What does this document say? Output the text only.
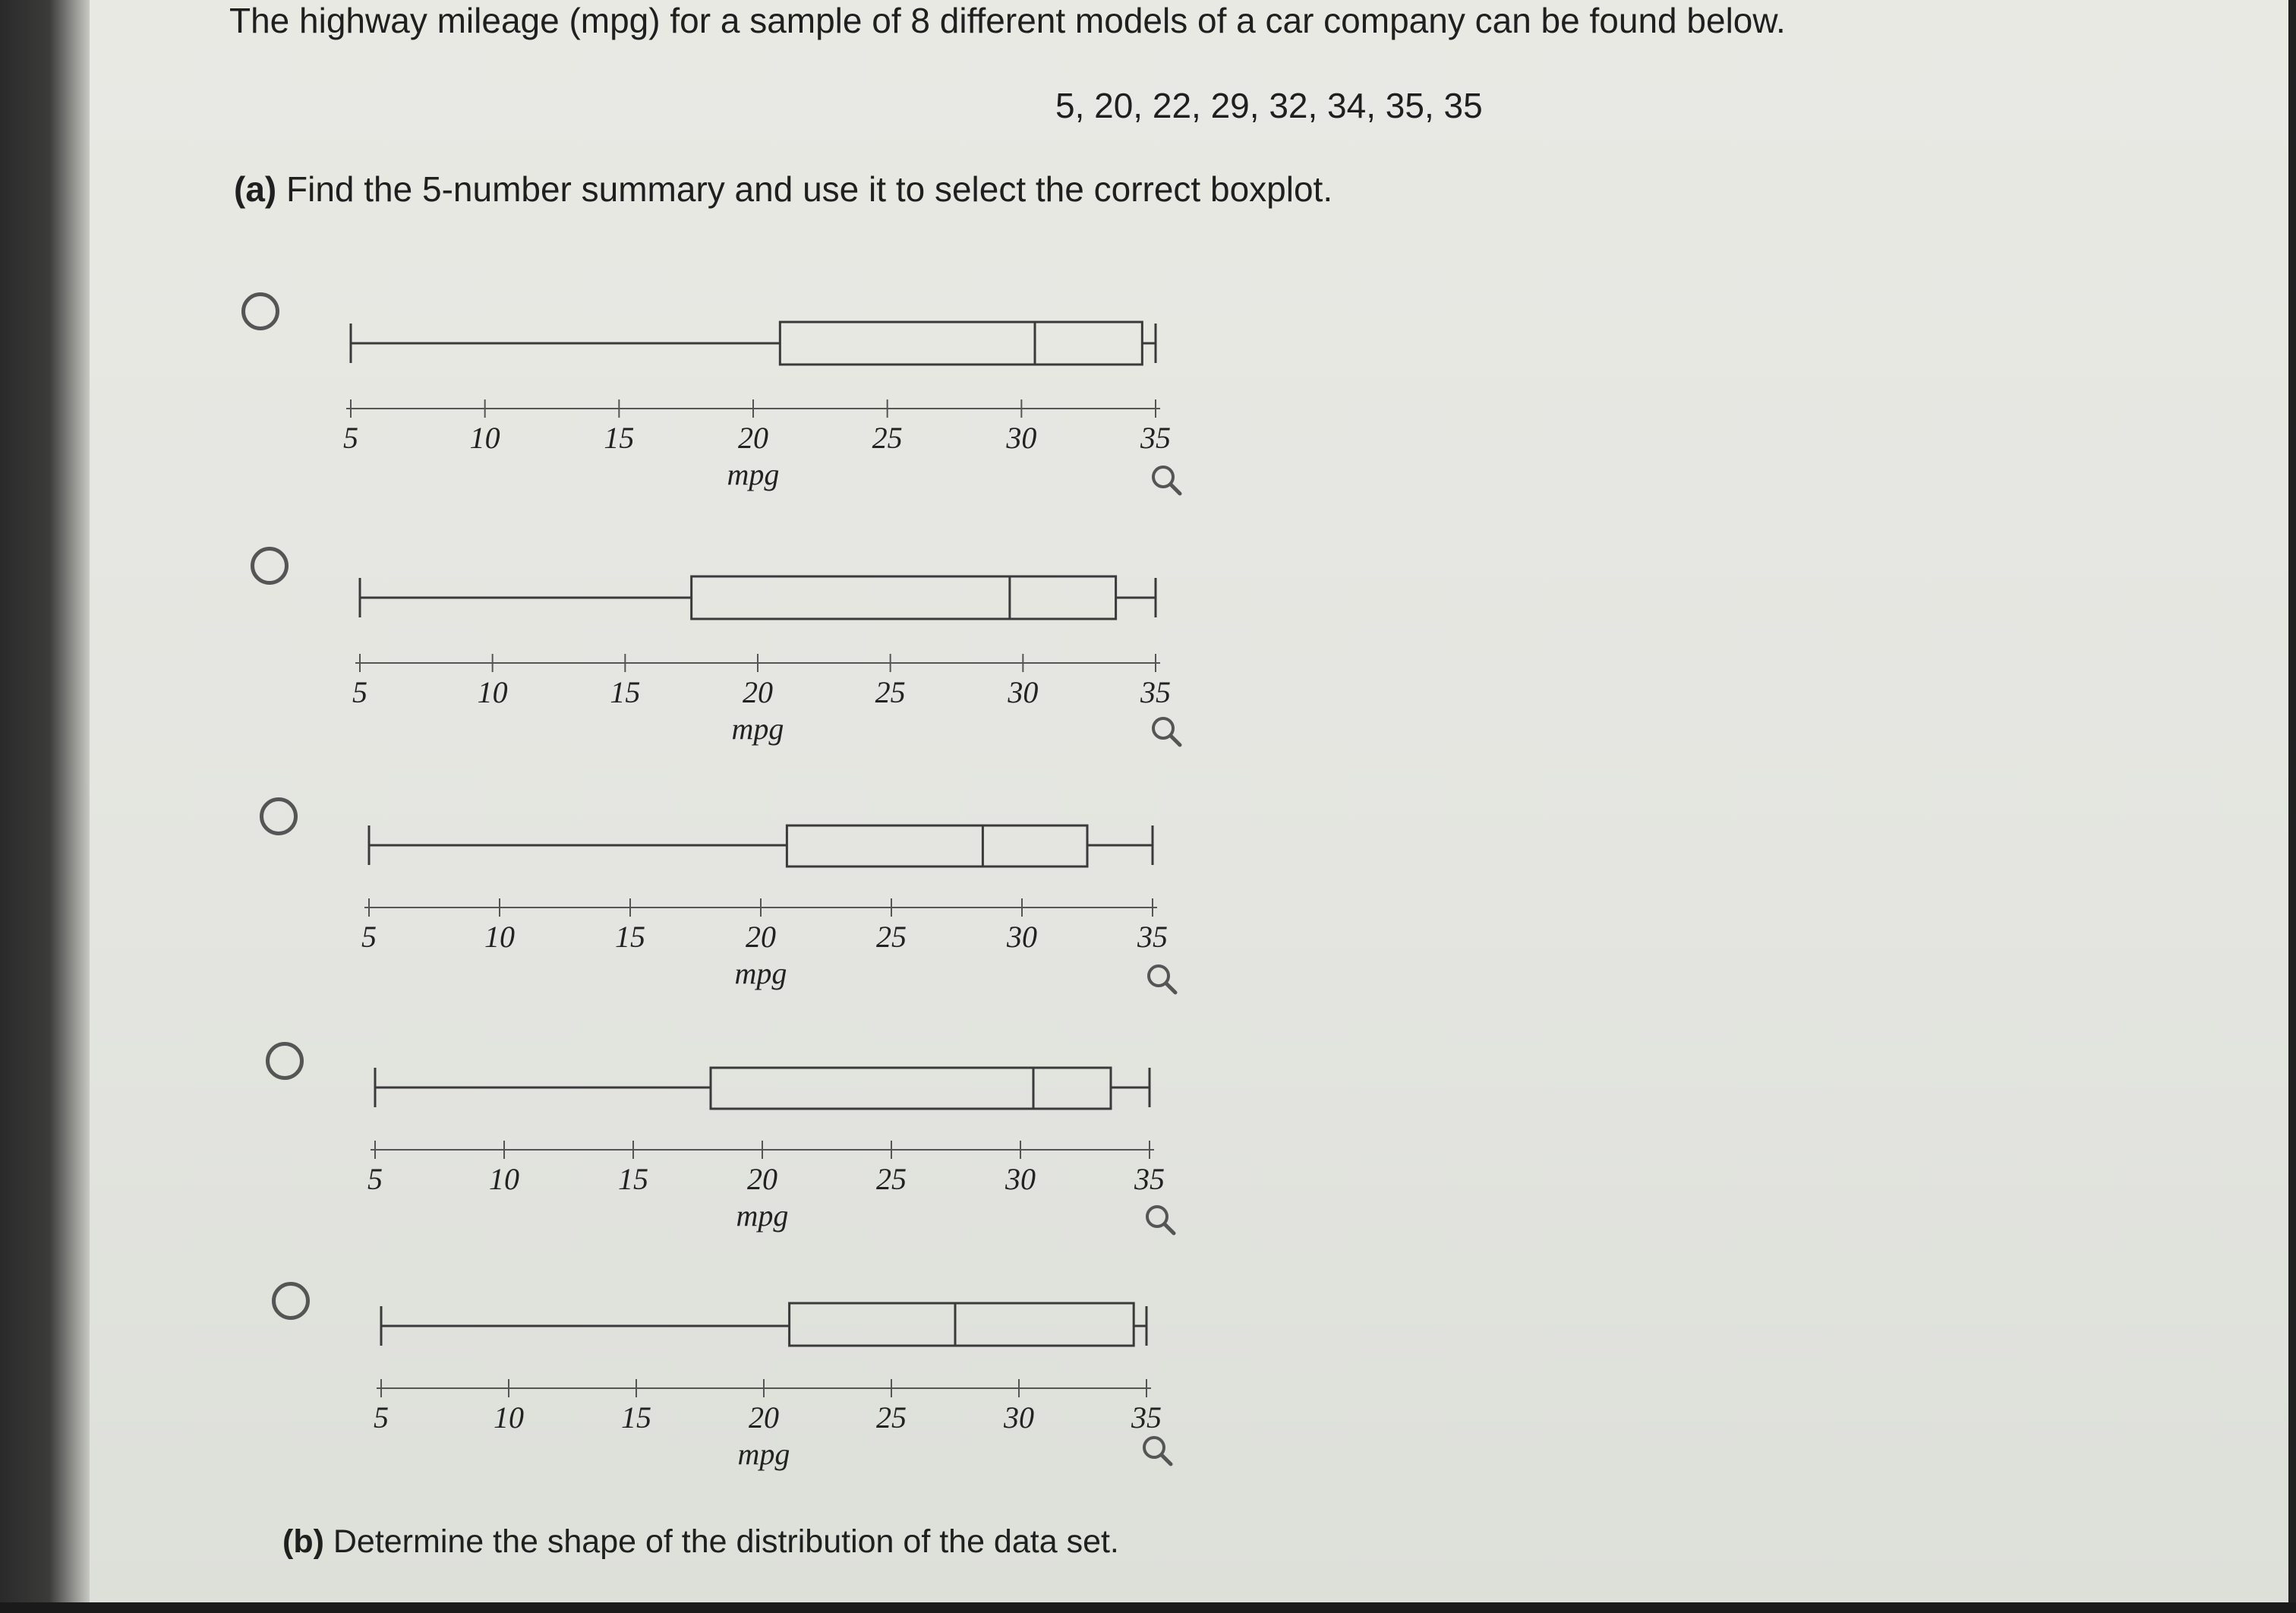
The highway mileage (mpg) for a sample of 8 different models of a car company can be found below.
5, 20, 22, 29, 32, 34, 35, 35
(a) Find the 5-number summary and use it to select the correct boxplot.
5	10	15	20	25	30	35
mpg
5	10	15	20	25	30	35
mpg
5	10	15	20	25	30	35
mpg
5	10	15	20	25	30	35
mpg
5	10	15	20	25	30	35
mpg
(b) Determine the shape of the distribution of the data set.
